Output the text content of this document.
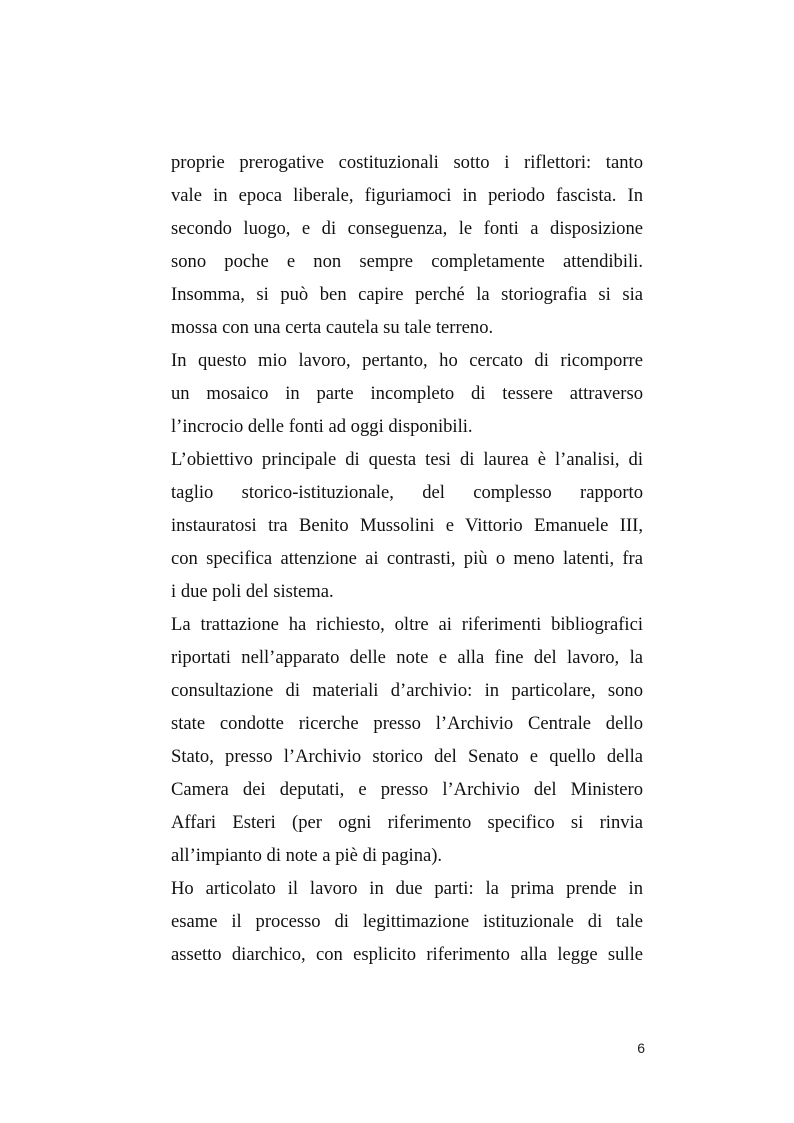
proprie prerogative costituzionali sotto i riflettori: tanto
vale in epoca liberale, figuriamoci in periodo fascista. In
secondo luogo, e di conseguenza, le fonti a disposizione
sono poche e non sempre completamente attendibili.
Insomma, si può ben capire perché la storiografia si sia
mossa con una certa cautela su tale terreno.

In questo mio lavoro, pertanto, ho cercato di ricomporre
un mosaico in parte incompleto di tessere attraverso
l’incrocio delle fonti ad oggi disponibili.

L’obiettivo principale di questa tesi di laurea è l’analisi, di
taglio storico-istituzionale, del complesso rapporto
instauratosi tra Benito Mussolini e Vittorio Emanuele III,
con specifica attenzione ai contrasti, più o meno latenti, fra
i due poli del sistema.

La trattazione ha richiesto, oltre ai riferimenti bibliografici
riportati nell’apparato delle note e alla fine del lavoro, la
consultazione di materiali d’archivio: in particolare, sono
state condotte ricerche presso l’Archivio Centrale dello
Stato, presso l’Archivio storico del Senato e quello della
Camera dei deputati, e presso l’Archivio del Ministero
Affari Esteri (per ogni riferimento specifico si rinvia
all’impianto di note a piè di pagina).

Ho articolato il lavoro in due parti: la prima prende in
esame il processo di legittimazione istituzionale di tale
assetto diarchico, con esplicito riferimento alla legge sulle

6
